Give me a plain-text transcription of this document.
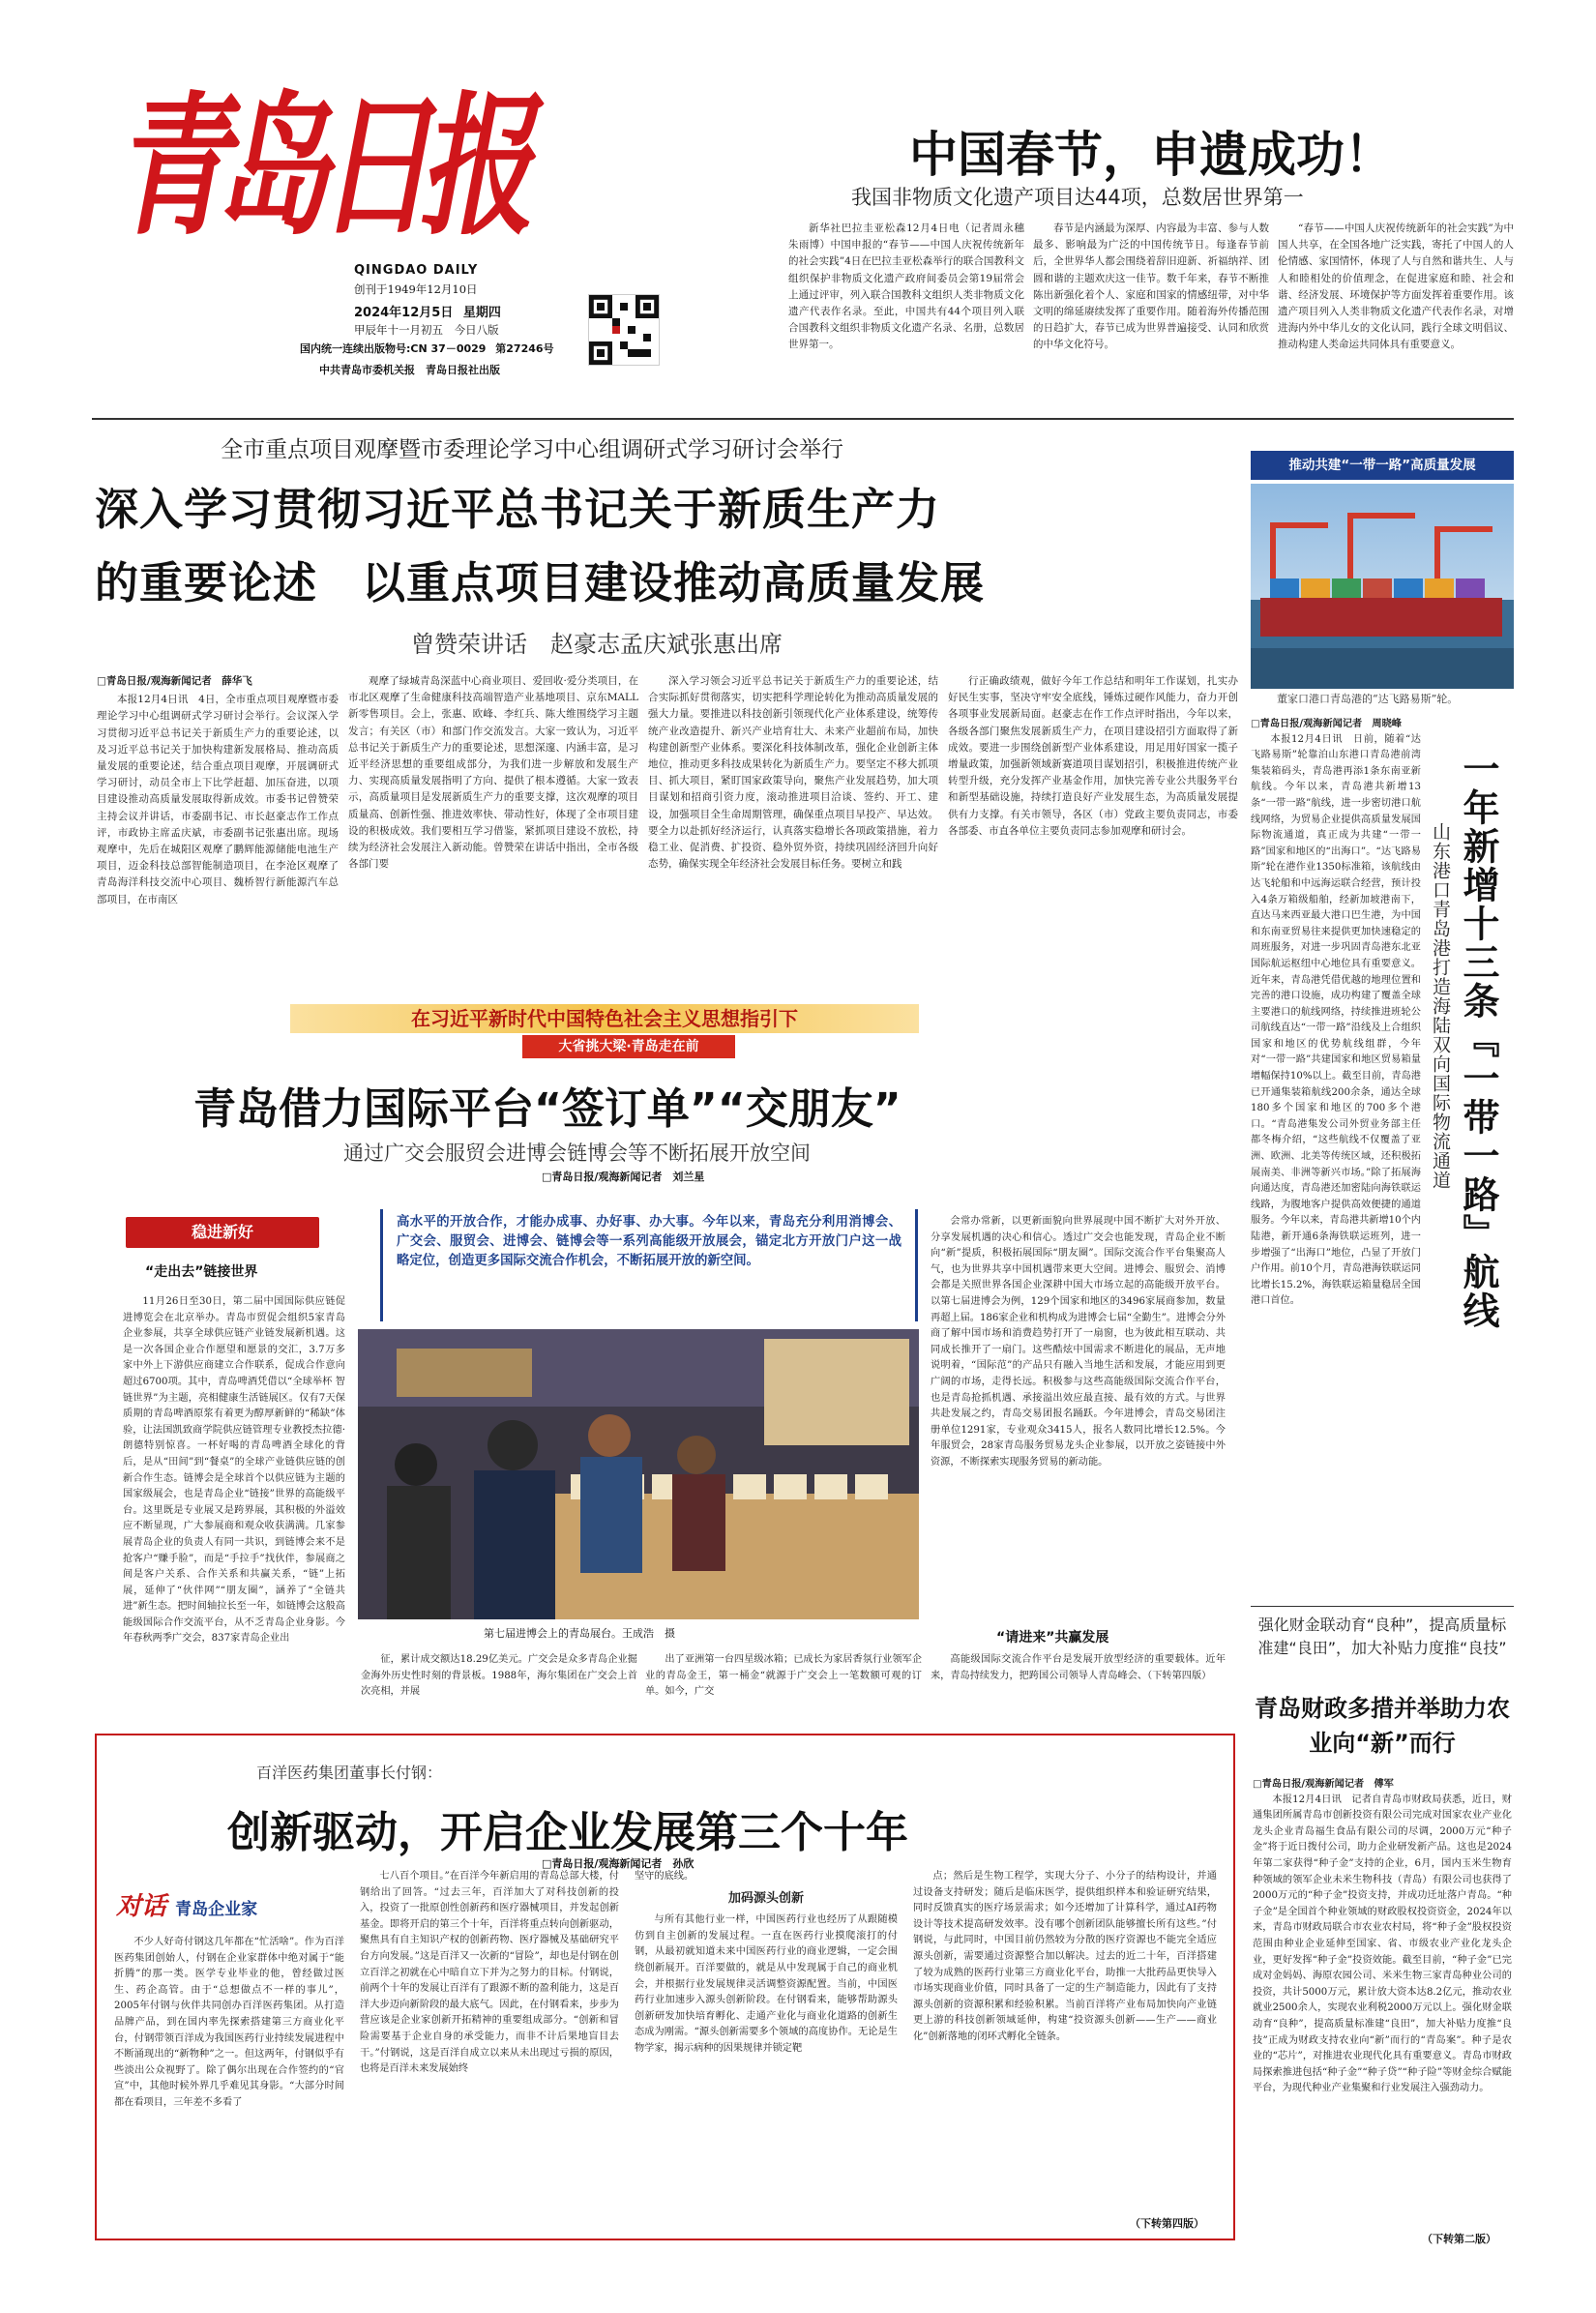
青岛日报
QINGDAO DAILY
创刊于1949年12月10日
2024年12月5日 星期四
甲辰年十一月初五 今日八版
国内统一连续出版物号:CN 37－0029 第27246号
中共青岛市委机关报　青岛日报社出版
中国春节，申遗成功！
我国非物质文化遗产项目达44项，总数居世界第一

新华社巴拉圭亚松森12月4日电（记者周永穗　朱雨博）中国申报的“春节——中国人庆祝传统新年的社会实践”4日在巴拉圭亚松森举行的联合国教科文组织保护非物质文化遗产政府间委员会第19届常会上通过评审，列入联合国教科文组织人类非物质文化遗产代表作名录。至此，中国共有44个项目列入联合国教科文组织非物质文化遗产名录、名册，总数居世界第一。

春节是内涵最为深厚、内容最为丰富、参与人数最多、影响最为广泛的中国传统节日。每逢春节前后，全世界华人都会围绕着辞旧迎新、祈福纳祥、团圆和谐的主题欢庆这一佳节。数千年来，春节不断推陈出新强化着个人、家庭和国家的情感纽带，对中华文明的绵延赓续发挥了重要作用。随着海外传播范围的日趋扩大，春节已成为世界普遍接受、认同和欣赏的中华文化符号。

“春节——中国人庆祝传统新年的社会实践”为中国人共享，在全国各地广泛实践，寄托了中国人的人伦情感、家国情怀，体现了人与自然和谐共生、人与人和睦相处的价值理念，在促进家庭和睦、社会和谐、经济发展、环境保护等方面发挥着重要作用。该遗产项目列入人类非物质文化遗产代表作名录，对增进海内外中华儿女的文化认同，践行全球文明倡议、推动构建人类命运共同体具有重要意义。

全市重点项目观摩暨市委理论学习中心组调研式学习研讨会举行
深入学习贯彻习近平总书记关于新质生产力
的重要论述　以重点项目建设推动高质量发展
曾赞荣讲话　赵豪志孟庆斌张惠出席
□青岛日报/观海新闻记者　薛华飞

本报12月4日讯　4日，全市重点项目观摩暨市委理论学习中心组调研式学习研讨会举行。会议深入学习贯彻习近平总书记关于新质生产力的重要论述，以及习近平总书记关于加快构建新发展格局、推动高质量发展的重要论述，结合重点项目观摩，开展调研式学习研讨，动员全市上下比学赶超、加压奋进，以项目建设推动高质量发展取得新成效。市委书记曾赞荣主持会议并讲话，市委副书记、市长赵豪志作工作点评，市政协主席孟庆斌，市委副书记张惠出席。现场观摩中，先后在城阳区观摩了鹏辉能源储能电池生产项目，迈金科技总部智能制造项目，在李沧区观摩了青岛海洋科技交流中心项目、魏桥智行新能源汽车总部项目，在市南区

观摩了绿城青岛深蓝中心商业项目、爱回收·爱分类项目，在市北区观摩了生命健康科技高端智造产业基地项目、京东MALL新零售项目。会上，张惠、欧峰、李红兵、陈大维围绕学习主题发言；有关区（市）和部门作交流发言。大家一致认为，习近平总书记关于新质生产力的重要论述，思想深邃、内涵丰富，是习近平经济思想的重要组成部分，为我们进一步解放和发展生产力、实现高质量发展指明了方向、提供了根本遵循。大家一致表示，高质量项目是发展新质生产力的重要支撑，这次观摩的项目质量高、创新性强、推进效率快、带动性好，体现了全市项目建设的积极成效。我们要相互学习借鉴，紧抓项目建设不放松，持续为经济社会发展注入新动能。曾赞荣在讲话中指出，全市各级各部门要

深入学习领会习近平总书记关于新质生产力的重要论述，结合实际抓好贯彻落实，切实把科学理论转化为推动高质量发展的强大力量。要推进以科技创新引领现代化产业体系建设，统筹传统产业改造提升、新兴产业培育壮大、未来产业超前布局，加快构建创新型产业体系。要深化科技体制改革，强化企业创新主体地位，推动更多科技成果转化为新质生产力。要坚定不移大抓项目、抓大项目，紧盯国家政策导向，聚焦产业发展趋势，加大项目谋划和招商引资力度，滚动推进项目洽谈、签约、开工、建设，加强项目全生命周期管理，确保重点项目早投产、早达效。要全力以赴抓好经济运行，认真落实稳增长各项政策措施，着力稳工业、促消费、扩投资、稳外贸外资，持续巩固经济回升向好态势，确保实现全年经济社会发展目标任务。要树立和践

行正确政绩观，做好今年工作总结和明年工作谋划，扎实办好民生实事，坚决守牢安全底线，锤炼过硬作风能力，奋力开创各项事业发展新局面。赵豪志在作工作点评时指出，今年以来，各级各部门聚焦发展新质生产力，在项目建设招引方面取得了新成效。要进一步围绕创新型产业体系建设，用足用好国家一揽子增量政策，加强新领域新赛道项目谋划招引，积极推进传统产业转型升级，充分发挥产业基金作用，加快完善专业公共服务平台和新型基础设施，持续打造良好产业发展生态，为高质量发展提供有力支撑。有关市领导，各区（市）党政主要负责同志，市委各部委、市直各单位主要负责同志参加观摩和研讨会。

推动共建“一带一路”高质量发展
董家口港口青岛港的“达飞路易斯”轮。
□青岛日报/观海新闻记者　周晓峰

本报12月4日讯　日前，随着“达飞路易斯”轮靠泊山东港口青岛港前湾集装箱码头，青岛港再添1条东南亚新航线。今年以来，青岛港共新增13条“一带一路”航线，进一步密切港口航线网络，为贸易企业提供高质量发展国际物流通道，真正成为共建“一带一路”国家和地区的“出海口”。“达飞路易斯”轮在港作业1350标准箱，该航线由达飞轮船和中远海运联合经营，预计投入4条万箱级船舶，经新加坡港南下，直达马来西亚最大港口巴生港，为中国和东南亚贸易往来提供更加快速稳定的周班服务，对进一步巩固青岛港东北亚国际航运枢纽中心地位具有重要意义。近年来，青岛港凭借优越的地理位置和完善的港口设施，成功构建了覆盖全球主要港口的航线网络，持续推进班轮公司航线直达“一带一路”沿线及上合组织国家和地区的优势航线组群，今年对“一带一路”共建国家和地区贸易箱量增幅保持10%以上。截至目前，青岛港已开通集装箱航线200余条，通达全球180多个国家和地区的700多个港口。“青岛港集发公司外贸业务部主任都冬梅介绍，“这些航线不仅覆盖了亚洲、欧洲、北美等传统区域，还积极拓展南美、非洲等新兴市场。”除了拓展海向通达度，青岛港还加密陆向海铁联运线路，为腹地客户提供高效便捷的通道服务。今年以来，青岛港共新增10个内陆港，新开通6条海铁联运班列，进一步增强了“出海口”地位，凸显了开放门户作用。前10个月，青岛港海铁联运同比增长15.2%，海铁联运箱量稳居全国港口首位。	一年新增十三条『一带一路』航线
山东港口青岛港打造海陆双向国际物流通道
在习近平新时代中国特色社会主义思想指引下
大省挑大梁·青岛走在前
青岛借力国际平台“签订单”“交朋友”
通过广交会服贸会进博会链博会等不断拓展开放空间
□青岛日报/观海新闻记者　刘兰星
稳进新好
“走出去”链接世界
高水平的开放合作，才能办成事、办好事、办大事。今年以来，青岛充分利用消博会、广交会、服贸会、进博会、链博会等一系列高能级开放展会，锚定北方开放门户这一战略定位，创造更多国际交流合作机会，不断拓展开放的新空间。

11月26日至30日，第二届中国国际供应链促进博览会在北京举办。青岛市贸促会组织5家青岛企业参展，共享全球供应链产业链发展新机遇。这是一次各国企业合作愿望和愿景的交汇，3.7万多家中外上下游供应商建立合作联系，促成合作意向超过6700项。其中，青岛啤酒凭借以“全球举杯 智链世界”为主题，亮相健康生活链展区。仅有7天保质期的青岛啤酒原浆有着更为醇厚新鲜的“稀缺”体验，让法国凯致商学院供应链管理专业教授杰拉德·朗德特别惊喜。一杯好喝的青岛啤酒全球化的背后，是从“田间”到“餐桌”的全球产业链供应链的创新合作生态。链博会是全球首个以供应链为主题的国家级展会，也是青岛企业“链接”世界的高能级平台。这里既是专业展又是跨界展，其积极的外溢效应不断显现，广大参展商和观众收获满满。几家参展青岛企业的负责人有同一共识，到链博会来不是抢客户“赚手脸”，而是“手拉手”找伙伴，参展商之间是客户关系、合作关系和共赢关系，“链”上拓展，延伸了“伙伴网”“朋友圈”，涵养了“全链共进”新生态。把时间轴拉长至一年，如链博会这般高能级国际合作交流平台，从不乏青岛企业身影。今年春秋两季广交会，837家青岛企业出	第七届进博会上的青岛展台。王成浩　摄

会常办常新，以更新面貌向世界展现中国不断扩大对外开放、分享发展机遇的决心和信心。透过广交会也能发现，青岛企业不断向“新”提质，积极拓展国际“朋友圈”。国际交流合作平台集聚高人气，也为世界共享中国机遇带来更大空间。进博会、服贸会、消博会都是关照世界各国企业深耕中国大市场立起的高能级开放平台。以第七届进博会为例，129个国家和地区的3496家展商参加，数量再超上届。186家企业和机构成为进博会七届“全勤生”。进博会分外商了解中国市场和消费趋势打开了一扇窗，也为彼此相互联动、共同成长推开了一扇门。这些酷炫中国需求不断进化的展品，无声地说明着，“国际范”的产品只有融入当地生活和发展，才能应用到更广阔的市场，走得长远。积极参与这些高能级国际交流合作平台，也是青岛抢抓机遇、承接溢出效应最直接、最有效的方式。与世界共赴发展之约，青岛交易团报名踊跃。今年进博会，青岛交易团注册单位1291家，专业观众3415人，报名人数同比增长12.5%。今年服贸会，28家青岛服务贸易龙头企业参展，以开放之姿链接中外资源，不断探索实现服务贸易的新动能。

“请进来”共赢发展

征，累计成交额达18.29亿美元。广交会是众多青岛企业掘金海外历史性时刻的背景板。1988年，海尔集团在广交会上首次亮相，并展

出了亚洲第一台四星级冰箱；已成长为家居香氛行业领军企业的青岛金王，第一桶金“就源于广交会上一笔数额可观的订单。如今，广交

高能级国际交流合作平台是发展开放型经济的重要载体。近年来，青岛持续发力，把跨国公司领导人青岛峰会、（下转第四版）

强化财金联动育“良种”，提高质量标准建“良田”，加大补贴力度推“良技”
青岛财政多措并举助力农业向“新”而行
□青岛日报/观海新闻记者　傅军

本报12月4日讯　记者自青岛市财政局获悉，近日，财通集团所属青岛市创新投资有限公司完成对国家农业产业化龙头企业青岛福生食品有限公司的尽调，2000万元“种子金”将于近日拨付公司，助力企业研发新产品。这也是2024年第二家获得“种子金”支持的企业，6月，国内玉米生物育种领域的领军企业未米生物科技（青岛）有限公司也获得了2000万元的“种子金”投资支持，并成功迁址落户青岛。“种子金”是全国首个种业领域的财政股权投资资金，2024年以来，青岛市财政局联合市农业农村局，将“种子金”股权投资范围由种业企业延伸至国家、省、市级农业产业化龙头企业，更好发挥“种子金”投资效能。截至目前，“种子金”已完成对金妈妈、海原农园公司、米米生物三家青岛种业公司的投资，共计5000万元，累计放大资本达8.2亿元，推动农业就业2500余人，实现农业利税2000万元以上。强化财金联动育“良种”，提高质量标准建“良田”，加大补贴力度推“良技”正成为财政支持农业向“新”而行的“青岛案”。种子是农业的“芯片”，对推进农业现代化具有重要意义。青岛市财政局探索推进包括“种子金”“种子贷”“种子险”等财金综合赋能平台，为现代种业产业集聚和行业发展注入强劲动力。

（下转第二版）
百洋医药集团董事长付钢：
创新驱动，开启企业发展第三个十年
□青岛日报/观海新闻记者　孙欣
对话 青岛企业家

不少人好奇付钢这几年都在“忙活啥”。作为百洋医药集团创始人，付钢在企业家群体中绝对属于“能折腾”的那一类。医学专业毕业的他，曾经做过医生、药企高管。由于“总想做点不一样的事儿”，2005年付钢与伙伴共同创办百洋医药集团。从打造品牌产品，到在国内率先探索搭建第三方商业化平台，付钢带领百洋成为我国医药行业持续发展进程中不断涌现出的“新物种”之一。但这两年，付钢似乎有些淡出公众视野了。除了偶尔出现在合作签约的“官宣”中，其他时候外界几乎难见其身影。“大部分时间都在看项目，三年差不多看了

七八百个项目。”在百洋今年新启用的青岛总部大楼，付钢给出了回答。“过去三年，百洋加大了对科技创新的投入，投资了一批原创性创新药和医疗器械项目，并发起创新基金。即将开启的第三个十年，百洋将重点转向创新驱动，聚焦具有自主知识产权的创新药物、医疗器械及基础研究平台方向发展。”这是百洋又一次新的“冒险”，却也是付钢在创立百洋之初就在心中暗自立下并为之努力的目标。付钢说，前两个十年的发展让百洋有了跟源不断的盈利能力，这是百洋大步迈向新阶段的最大底气。因此，在付钢看来，步步为营应该是企业家创新开拓精神的重要组成部分。“创新和冒险需要基于企业自身的承受能力，而非不计后果地盲目去干。”付钢说，这是百洋自成立以来从未出现过亏损的原因，也将是百洋未来发展始终

坚守的底线。
加码源头创新

与所有其他行业一样，中国医药行业也经历了从跟随模仿到自主创新的发展过程。一直在医药行业摸爬滚打的付钢，从最初就知道未来中国医药行业的商业逻辑，一定会围绕创新展开。百洋要做的，就是从中发现属于自己的商业机会，并根据行业发展规律灵活调整资源配置。当前，中国医药行业加速步入源头创新阶段。在付钢看来，能够帮助源头创新研发加快培育孵化、走通产业化与商业化道路的创新生态成为刚需。“源头创新需要多个领域的高度协作。无论是生物学家，揭示病种的因果规律并锁定靶

点；然后是生物工程学，实现大分子、小分子的结构设计，并通过设备支持研发；随后是临床医学，提供组织样本和验证研究结果，同时反馈真实的医疗场景需求；如今还增加了计算科学，通过AI药物设计等技术提高研发效率。没有哪个创新团队能够擅长所有这些。”付钢说，与此同时，中国目前仍然较为分散的医疗资源也不能完全适应源头创新，需要通过资源整合加以解决。过去的近二十年，百洋搭建了较为成熟的医药行业第三方商业化平台，助推一大批药品更快导入市场实现商业价值，同时具备了一定的生产制造能力，因此有了支持源头创新的资源积累和经验积累。当前百洋将产业布局加快向产业链更上游的科技创新领域延伸，构建“投资源头创新——生产——商业化”创新落地的闭环式孵化全链条。

（下转第四版）
